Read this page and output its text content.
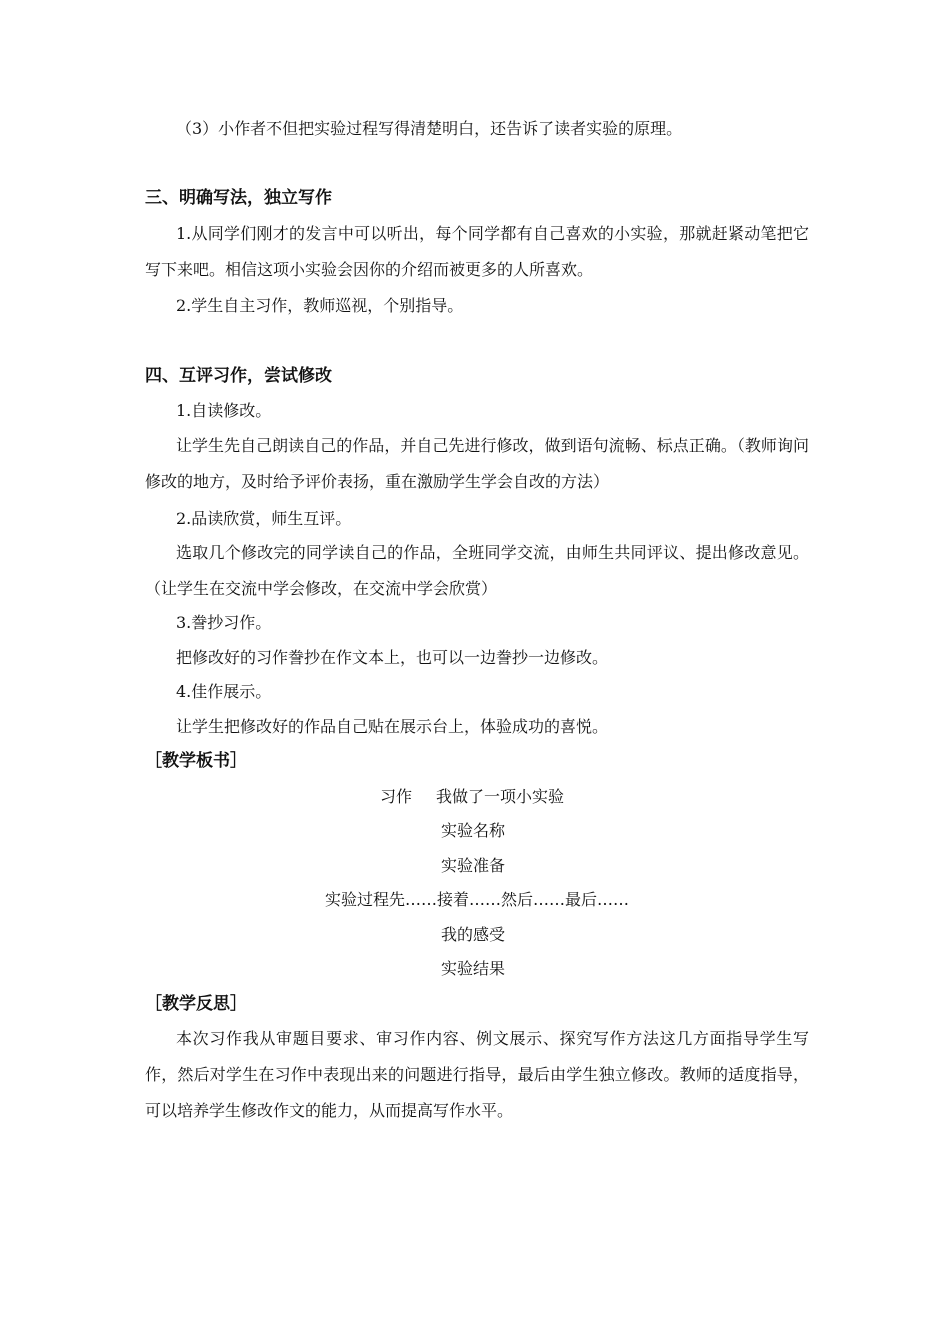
（3）小作者不但把实验过程写得清楚明白，还告诉了读者实验的原理。
三、明确写法，独立写作
1.从同学们刚才的发言中可以听出，每个同学都有自己喜欢的小实验，那就赶紧动笔把它写下来吧。相信这项小实验会因你的介绍而被更多的人所喜欢。
2.学生自主习作，教师巡视，个别指导。
四、互评习作，尝试修改
1.自读修改。
让学生先自己朗读自己的作品，并自己先进行修改，做到语句流畅、标点正确。（教师询问修改的地方，及时给予评价表扬，重在激励学生学会自改的方法）
2.品读欣赏，师生互评。
选取几个修改完的同学读自己的作品，全班同学交流，由师生共同评议、提出修改意见。（让学生在交流中学会修改，在交流中学会欣赏）
3.誊抄习作。
把修改好的习作誊抄在作文本上，也可以一边誊抄一边修改。
4.佳作展示。
让学生把修改好的作品自己贴在展示台上，体验成功的喜悦。
［教学板书］
习作 我做了一项小实验
实验名称
实验准备
实验过程先……接着……然后……最后……
我的感受
实验结果
［教学反思］
本次习作我从审题目要求、审习作内容、例文展示、探究写作方法这几方面指导学生写作，然后对学生在习作中表现出来的问题进行指导，最后由学生独立修改。教师的适度指导，可以培养学生修改作文的能力，从而提高写作水平。
